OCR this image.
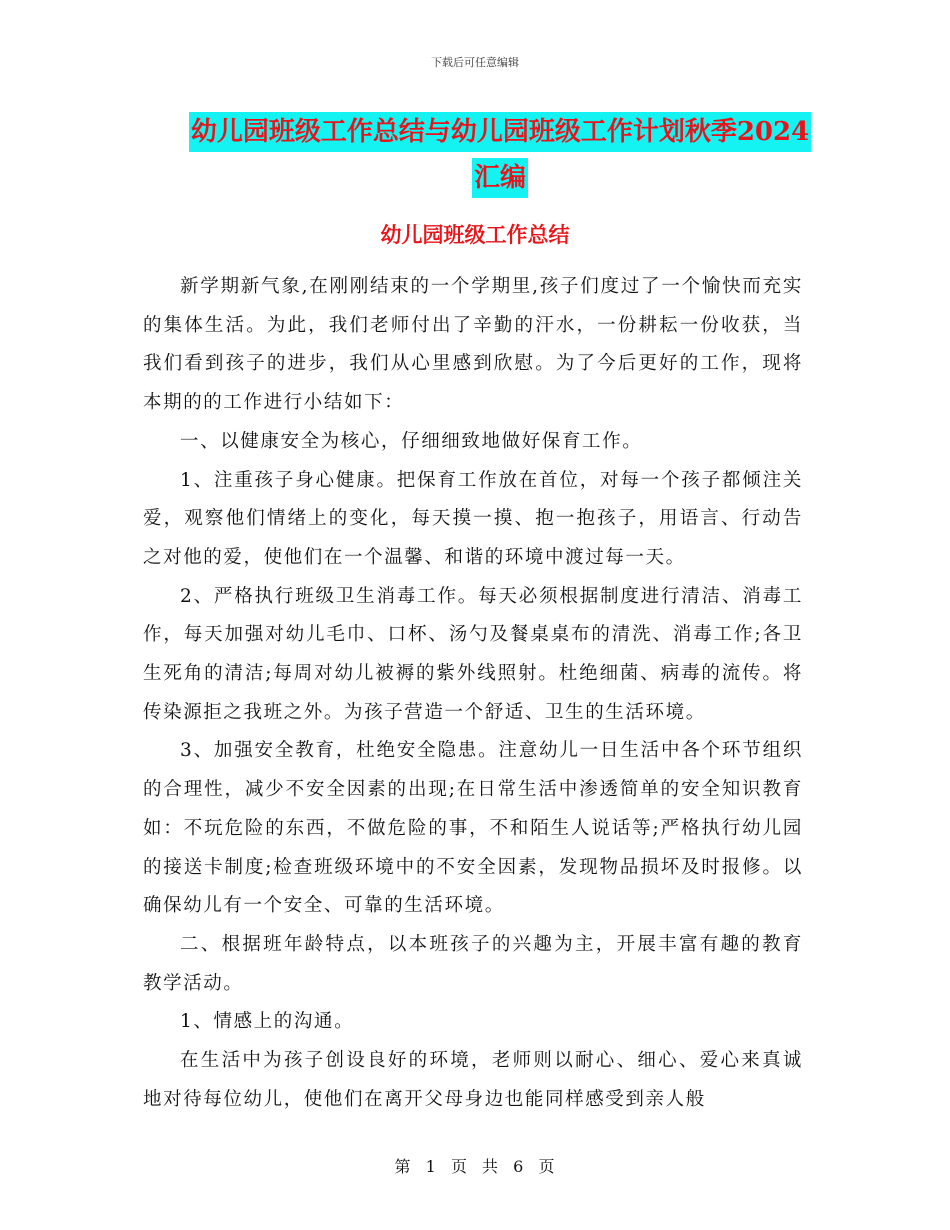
下载后可任意编辑
幼儿园班级工作总结与幼儿园班级工作计划秋季2024
汇编
幼儿园班级工作总结

新学期新气象,在刚刚结束的一个学期里,孩子们度过了一个愉快而充实的集体生活。为此，我们老师付出了辛勤的汗水，一份耕耘一份收获，当我们看到孩子的进步，我们从心里感到欣慰。为了今后更好的工作，现将本期的的工作进行小结如下：

一、以健康安全为核心，仔细细致地做好保育工作。

1、注重孩子身心健康。把保育工作放在首位，对每一个孩子都倾注关爱，观察他们情绪上的变化，每天摸一摸、抱一抱孩子，用语言、行动告之对他的爱，使他们在一个温馨、和谐的环境中渡过每一天。

2、严格执行班级卫生消毒工作。每天必须根据制度进行清洁、消毒工作，每天加强对幼儿毛巾、口杯、汤勺及餐桌桌布的清洗、消毒工作;各卫生死角的清洁;每周对幼儿被褥的紫外线照射。杜绝细菌、病毒的流传。将传染源拒之我班之外。为孩子营造一个舒适、卫生的生活环境。

3、加强安全教育，杜绝安全隐患。注意幼儿一日生活中各个环节组织的合理性，减少不安全因素的出现;在日常生活中渗透简单的安全知识教育如：不玩危险的东西，不做危险的事，不和陌生人说话等;严格执行幼儿园的接送卡制度;检查班级环境中的不安全因素，发现物品损坏及时报修。以确保幼儿有一个安全、可靠的生活环境。

二、根据班年龄特点，以本班孩子的兴趣为主，开展丰富有趣的教育教学活动。

1、情感上的沟通。

在生活中为孩子创设良好的环境，老师则以耐心、细心、爱心来真诚地对待每位幼儿，使他们在离开父母身边也能同样感受到亲人般

第 1 页 共 6 页
